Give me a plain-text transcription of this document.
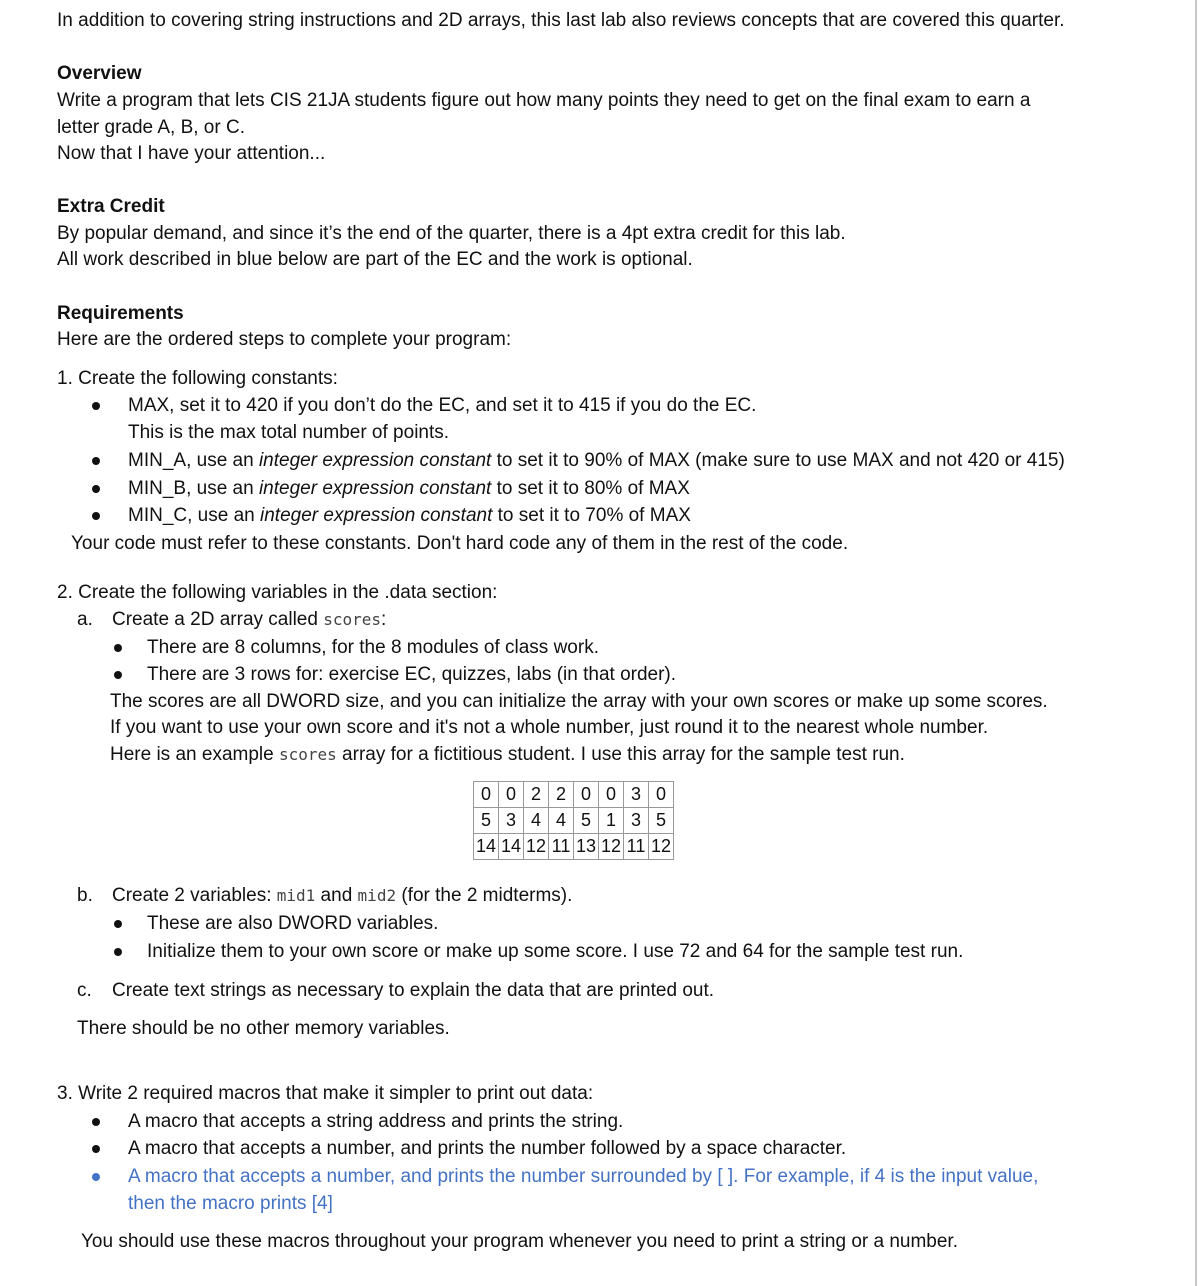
In addition to covering string instructions and 2D arrays, this last lab also reviews concepts that are covered this quarter.
Overview
Write a program that lets CIS 21JA students figure out how many points they need to get on the final exam to earn a
letter grade A, B, or C.
Now that I have your attention...
Extra Credit
By popular demand, and since it’s the end of the quarter, there is a 4pt extra credit for this lab.
All work described in blue below are part of the EC and the work is optional.
Requirements
Here are the ordered steps to complete your program:
1. Create the following constants:
MAX, set it to 420 if you don’t do the EC, and set it to 415 if you do the EC.
This is the max total number of points.
MIN_A, use an integer expression constant to set it to 90% of MAX (make sure to use MAX and not 420 or 415)
MIN_B, use an integer expression constant to set it to 80% of MAX
MIN_C, use an integer expression constant to set it to 70% of MAX
Your code must refer to these constants. Don't hard code any of them in the rest of the code.
2. Create the following variables in the .data section:
a. Create a 2D array called scores:
There are 8 columns, for the 8 modules of class work.
There are 3 rows for: exercise EC, quizzes, labs (in that order).
The scores are all DWORD size, and you can initialize the array with your own scores or make up some scores.
If you want to use your own score and it's not a whole number, just round it to the nearest whole number.
Here is an example scores array for a fictitious student. I use this array for the sample test run.
0	0	2	2	0	0	3	0
5	3	4	4	5	1	3	5
14	14	12	11	13	12	11	12
b. Create 2 variables: mid1 and mid2 (for the 2 midterms).
These are also DWORD variables.
Initialize them to your own score or make up some score. I use 72 and 64 for the sample test run.
c. Create text strings as necessary to explain the data that are printed out.
There should be no other memory variables.
3. Write 2 required macros that make it simpler to print out data:
A macro that accepts a string address and prints the string.
A macro that accepts a number, and prints the number followed by a space character.
A macro that accepts a number, and prints the number surrounded by [ ]. For example, if 4 is the input value,
then the macro prints [4]
You should use these macros throughout your program whenever you need to print a string or a number.
